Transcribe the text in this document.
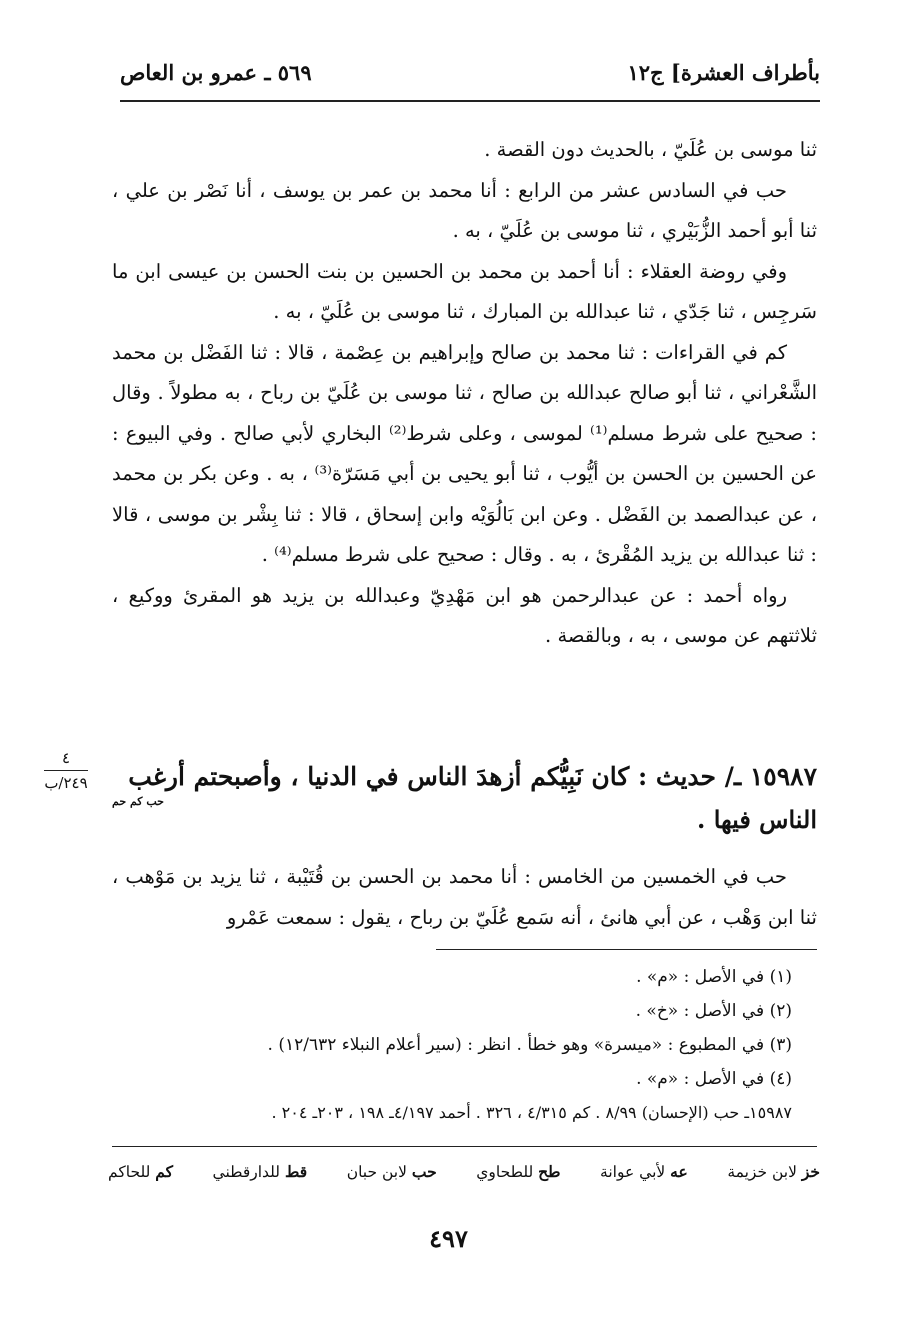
بأطراف العشرة] ج١٢
٥٦٩ ـ عمرو بن العاص

ثنا موسى بن عُلَيّ ، بالحديث دون القصة .

حب في السادس عشر من الرابع : أنا محمد بن عمر بن يوسف ، أنا نَصْر بن علي ، ثنا أبو أحمد الزُّبَيْري ، ثنا موسى بن عُلَيّ ، به .

وفي روضة العقلاء : أنا أحمد بن محمد بن الحسين بن بنت الحسن بن عيسى ابن ما سَرجِس ، ثنا جَدّي ، ثنا عبدالله بن المبارك ، ثنا موسى بن عُلَيّ ، به .

كم في القراءات : ثنا محمد بن صالح وإبراهيم بن عِصْمة ، قالا : ثنا الفَضْل بن محمد الشَّعْراني ، ثنا أبو صالح عبدالله بن صالح ، ثنا موسى بن عُلَيّ بن رباح ، به مطولاً . وقال : صحيح على شرط مسلم⁽¹⁾ لموسى ، وعلى شرط⁽²⁾ البخاري لأبي صالح . وفي البيوع : عن الحسين بن الحسن بن أيُّوب ، ثنا أبو يحيى بن أبي مَسَرّة⁽³⁾ ، به . وعن بكر بن محمد ، عن عبدالصمد بن الفَضْل . وعن ابن بَالُوَيْه وابن إسحاق ، قالا : ثنا بِشْر بن موسى ، قالا : ثنا عبدالله بن يزيد المُقْرئ ، به . وقال : صحيح على شرط مسلم⁽⁴⁾ .

رواه أحمد : عن عبدالرحمن هو ابن مَهْدِيّ وعبدالله بن يزيد هو المقرئ ووكيع ، ثلاثتهم عن موسى ، به ، وبالقصة .

٤
٢٤٩/ب	١٥٩٨٧ ـ/ حديث : كان نَبِيُّكم أزهدَ الناس في الدنيا ، وأصبحتم أرغب
حب كم حم
الناس فيها .

حب في الخمسين من الخامس : أنا محمد بن الحسن بن قُتَيْبة ، ثنا يزيد بن مَوْهب ، ثنا ابن وَهْب ، عن أبي هانئ ، أنه سَمع عُلَيّ بن رباح ، يقول : سمعت عَمْرو

(١) في الأصل : «م» .

(٢) في الأصل : «خ» .

(٣) في المطبوع : «ميسرة» وهو خطأ . انظر : (سير أعلام النبلاء ١٢/٦٣٢) .

(٤) في الأصل : «م» .

١٥٩٨٧ـ حب (الإحسان) ٨/٩٩ . كم ٤/٣١٥ ، ٣٢٦ . أحمد ٤/١٩٧ـ ١٩٨ ، ٢٠٣ـ ٢٠٤ .

خز لابن خزيمة
عه لأبي عوانة
طح للطحاوي
حب لابن حبان
قط للدارقطني
كم للحاكم
٤٩٧
